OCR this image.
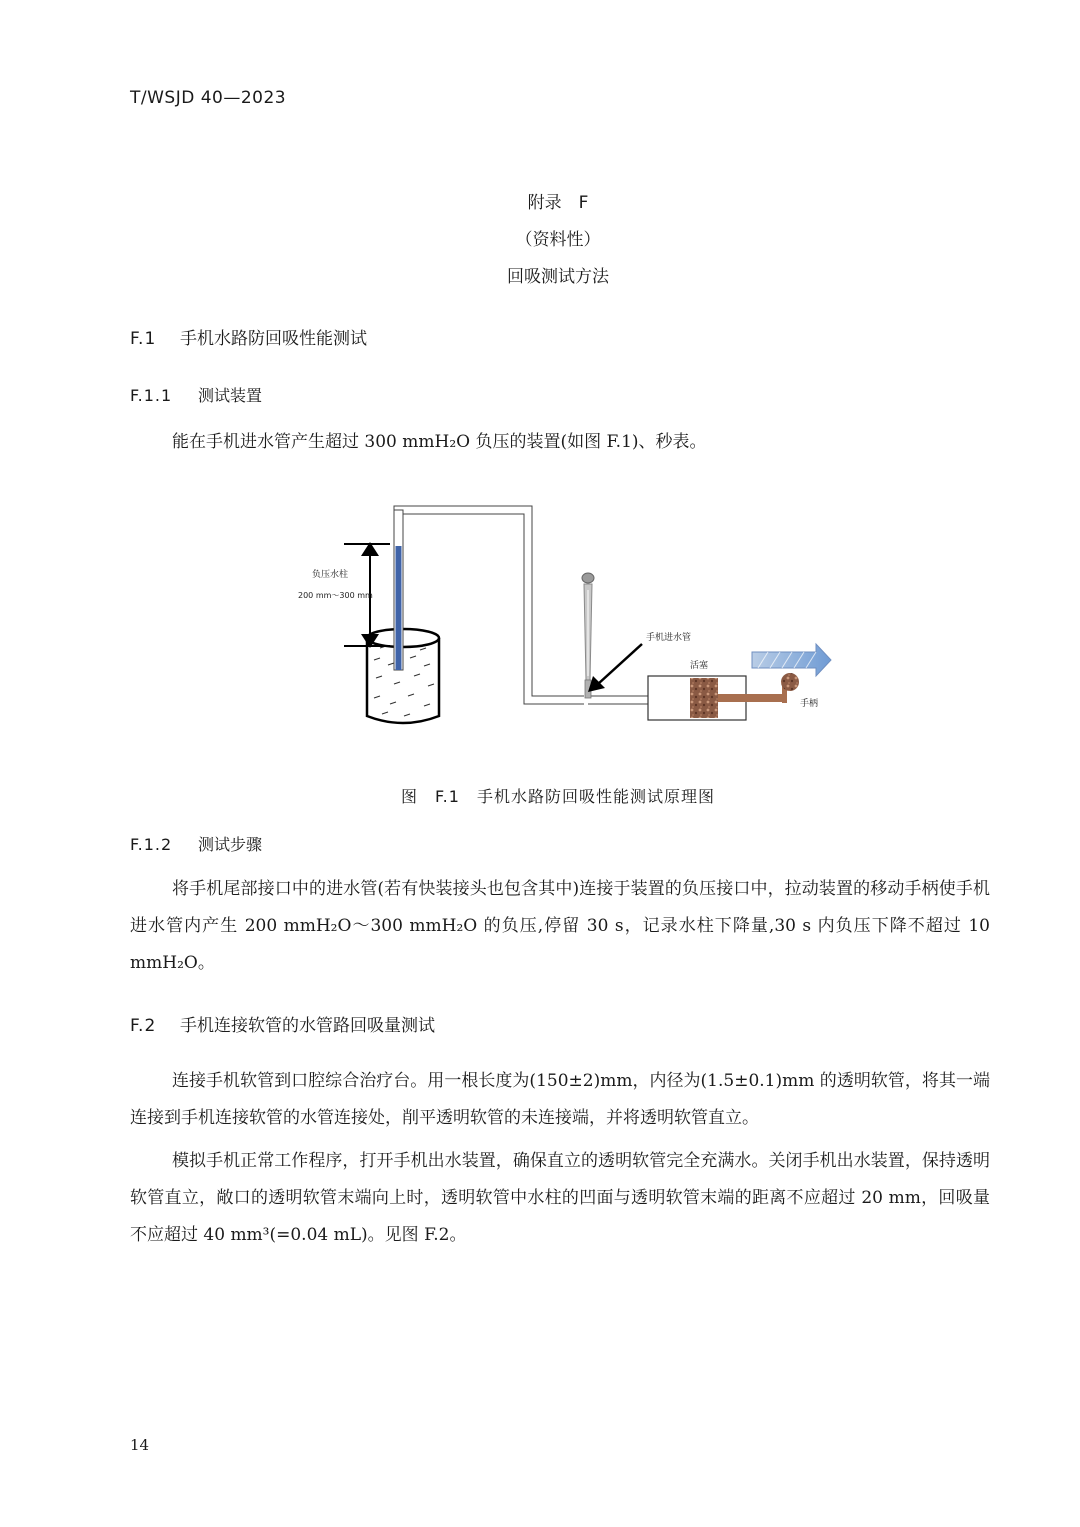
T/WSJD 40—2023
附录　F
（资料性）
回吸测试方法
F.1 手机水路防回吸性能测试
F.1.1 测试装置

能在手机进水管产生超过 300 mmH₂O 负压的装置(如图 F.1)、秒表。

负压水柱
200 mm～300 mm
手机进水管
活塞
手柄
图　F.1　手机水路防回吸性能测试原理图
F.1.2 测试步骤

将手机尾部接口中的进水管(若有快装接头也包含其中)连接于装置的负压接口中，拉动装置的移动手柄使手机进水管内产生 200 mmH₂O～300 mmH₂O 的负压,停留 30 s，记录水柱下降量,30 s 内负压下降不超过 10 mmH₂O。

F.2 手机连接软管的水管路回吸量测试

连接手机软管到口腔综合治疗台。用一根长度为(150±2)mm，内径为(1.5±0.1)mm 的透明软管，将其一端连接到手机连接软管的水管连接处，削平透明软管的未连接端，并将透明软管直立。

模拟手机正常工作程序，打开手机出水装置，确保直立的透明软管完全充满水。关闭手机出水装置，保持透明软管直立，敞口的透明软管末端向上时，透明软管中水柱的凹面与透明软管末端的距离不应超过 20 mm，回吸量不应超过 40 mm³(=0.04 mL)。见图 F.2。

14
